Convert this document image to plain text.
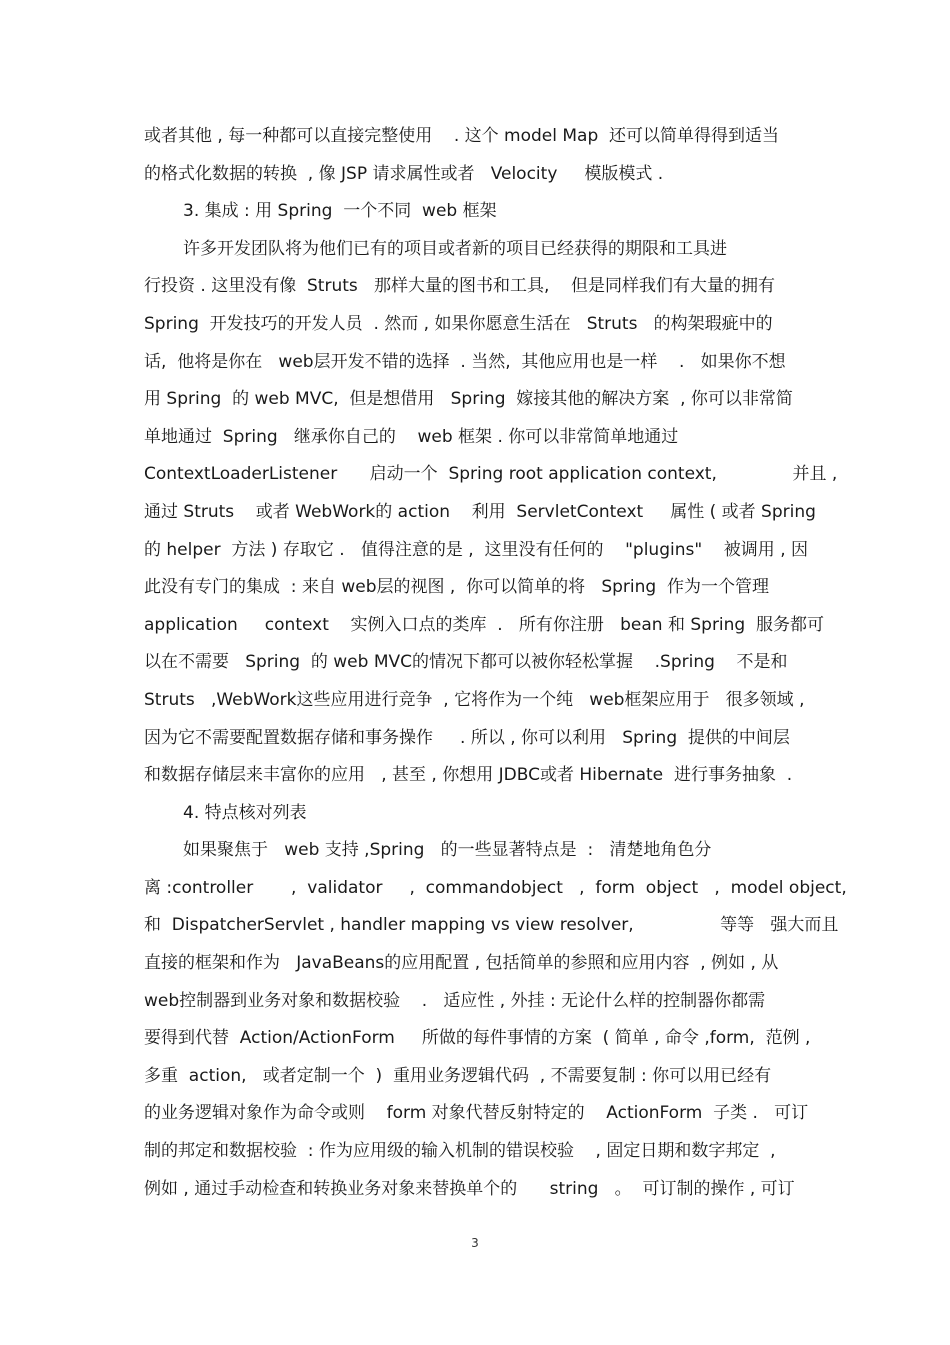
或者其他 , 每一种都可以直接完整使用    . 这个 model Map  还可以简单得得到适当
的格式化数据的转换  , 像 JSP 请求属性或者   Velocity     模版模式 .
3. 集成 : 用 Spring  一个不同  web 框架
许多开发团队将为他们已有的项目或者新的项目已经获得的期限和工具进
行投资 . 这里没有像  Struts   那样大量的图书和工具,    但是同样我们有大量的拥有
Spring  开发技巧的开发人员  . 然而 , 如果你愿意生活在   Struts   的构架瑕疵中的
话,  他将是你在   web层开发不错的选择  . 当然,  其他应用也是一样    .   如果你不想
用 Spring  的 web MVC,  但是想借用   Spring  嫁接其他的解决方案  , 你可以非常简
单地通过  Spring   继承你自己的    web 框架 . 你可以非常简单地通过
ContextLoaderListener      启动一个  Spring root application context,              并且 ,
通过 Struts    或者 WebWork的 action    利用  ServletContext     属性 ( 或者 Spring
的 helper  方法 ) 存取它 .   值得注意的是 ,  这里没有任何的    "plugins"    被调用 , 因
此没有专门的集成  : 来自 web层的视图 ,  你可以简单的将   Spring  作为一个管理
application     context    实例入口点的类库  .   所有你注册   bean 和 Spring  服务都可
以在不需要   Spring  的 web MVC的情况下都可以被你轻松掌握    .Spring    不是和
Struts   ,WebWork这些应用进行竞争  , 它将作为一个纯   web框架应用于   很多领域 ,
因为它不需要配置数据存储和事务操作     . 所以 , 你可以利用   Spring  提供的中间层
和数据存储层来丰富你的应用   , 甚至 , 你想用 JDBC或者 Hibernate  进行事务抽象  .
4. 特点核对列表
如果聚焦于   web 支持 ,Spring   的一些显著特点是  :   清楚地角色分
离 :controller       ,  validator     ,  commandobject   ,  form  object   ,  model object,
和  DispatcherServlet , handler mapping vs view resolver,                等等   强大而且
直接的框架和作为   JavaBeans的应用配置 , 包括简单的参照和应用内容  , 例如 , 从
web控制器到业务对象和数据校验    .   适应性 , 外挂 : 无论什么样的控制器你都需
要得到代替  Action/ActionForm     所做的每件事情的方案  ( 简单 , 命令 ,form,  范例 ,
多重  action,   或者定制一个  )  重用业务逻辑代码  , 不需要复制 : 你可以用已经有
的业务逻辑对象作为命令或则    form 对象代替反射特定的    ActionForm  子类 .   可订
制的邦定和数据校验  : 作为应用级的输入机制的错误校验    , 固定日期和数字邦定  ,
例如 , 通过手动检查和转换业务对象来替换单个的      string   。  可订制的操作 , 可订
3
